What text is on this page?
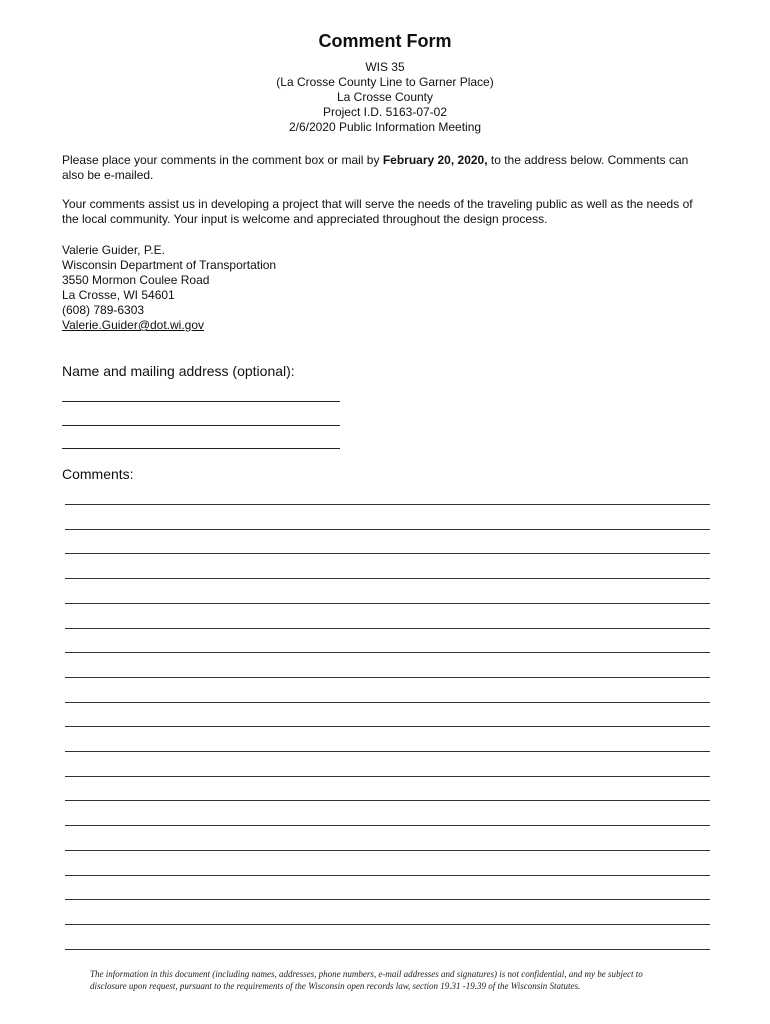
Comment Form
WIS 35
(La Crosse County Line to Garner Place)
La Crosse County
Project I.D. 5163-07-02
2/6/2020 Public Information Meeting
Please place your comments in the comment box or mail by February 20, 2020, to the address below. Comments can also be e-mailed.
Your comments assist us in developing a project that will serve the needs of the traveling public as well as the needs of the local community. Your input is welcome and appreciated throughout the design process.
Valerie Guider, P.E.
Wisconsin Department of Transportation
3550 Mormon Coulee Road
La Crosse, WI 54601
(608) 789-6303
Valerie.Guider@dot.wi.gov
Name and mailing address (optional):
Comments:
The information in this document (including names, addresses, phone numbers, e-mail addresses and signatures) is not confidential, and my be subject to disclosure upon request, pursuant to the requirements of the Wisconsin open records law, section 19.31 -19.39 of the Wisconsin Statutes.
